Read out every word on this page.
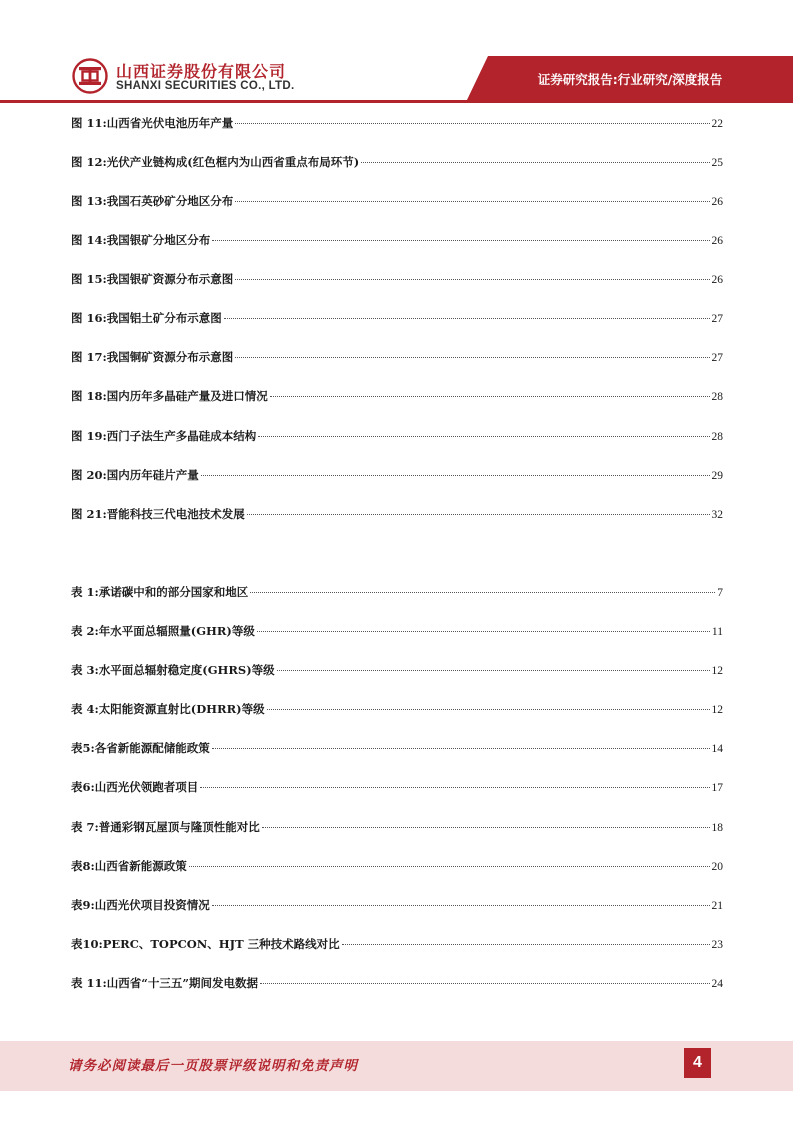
山西证券股份有限公司
SHANXI SECURITIES CO., LTD.	证券研究报告:行业研究/深度报告
图 11:山西省光伏电池历年产量	22
图 12:光伏产业链构成(红色框内为山西省重点布局环节)	25
图 13:我国石英砂矿分地区分布	26
图 14:我国银矿分地区分布	26
图 15:我国银矿资源分布示意图	26
图 16:我国铝土矿分布示意图	27
图 17:我国铜矿资源分布示意图	27
图 18:国内历年多晶硅产量及进口情况	28
图 19:西门子法生产多晶硅成本结构	28
图 20:国内历年硅片产量	29
图 21:晋能科技三代电池技术发展	32
表 1:承诺碳中和的部分国家和地区	7
表 2:年水平面总辐照量(GHR)等级	11
表 3:水平面总辐射稳定度(GHRS)等级	12
表 4:太阳能资源直射比(DHRR)等级	12
表5:各省新能源配储能政策	14
表6:山西光伏领跑者项目	17
表 7:普通彩钢瓦屋顶与隆顶性能对比	18
表8:山西省新能源政策	20
表9:山西光伏项目投资情况	21
表10:PERC、TOPCON、HJT 三种技术路线对比	23
表 11:山西省“十三五”期间发电数据	24
请务必阅读最后一页股票评级说明和免责声明	4
